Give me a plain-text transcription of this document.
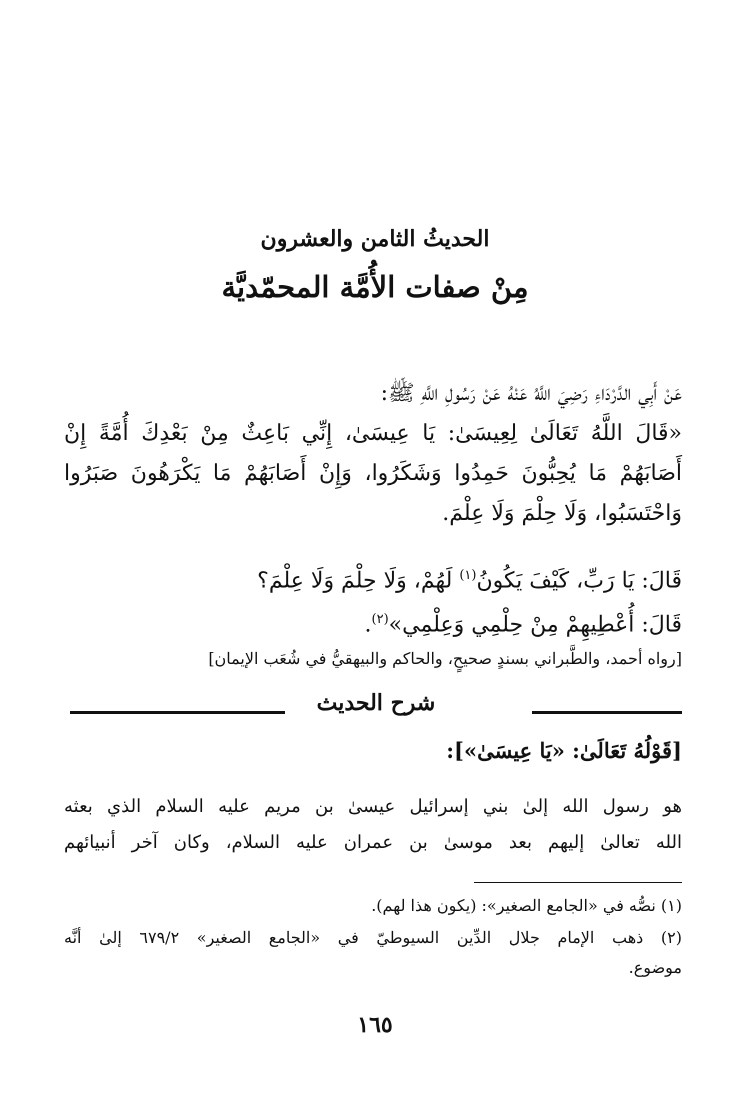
الحديثُ الثامن والعشرون
مِنْ صفات الأُمَّة المحمّديَّة
عَنْ أَبِي الدَّرْدَاءِ رَضِيَ اللَّهُ عَنْهُ عَنْ رَسُولِ اللَّهِ ﷺ:
«قَالَ اللَّهُ تَعَالَىٰ لِعِيسَىٰ: يَا عِيسَىٰ، إِنِّي بَاعِثٌ مِنْ بَعْدِكَ أُمَّةً إِنْ
أَصَابَهُمْ مَا يُحِبُّونَ حَمِدُوا وَشَكَرُوا، وَإِنْ أَصَابَهُمْ مَا يَكْرَهُونَ صَبَرُوا
وَاحْتَسَبُوا، وَلَا حِلْمَ وَلَا عِلْمَ.
قَالَ: يَا رَبِّ، كَيْفَ يَكُونُ$^{(١)}$ لَهُمْ، وَلَا حِلْمَ وَلَا عِلْمَ؟
قَالَ: أُعْطِيهِمْ مِنْ حِلْمِي وَعِلْمِي»$^{(٢)}$.
[رواه أحمد، والطَّبراني بسندٍ صحيحٍ، والحاكم والبيهقيُّ في شُعَب الإيمان]
شرح الحديث
[قَوْلُهُ تَعَالَىٰ: «يَا عِيسَىٰ»]:
هو رسول الله إلىٰ بني إسرائيل عيسىٰ بن مريم عليه السلام الذي بعثه
الله تعالىٰ إليهم بعد موسىٰ بن عمران عليه السلام، وكان آخر أنبيائهم
(١) نصُّه في «الجامع الصغير»: (يكون هذا لهم).
(٢) ذهب الإمام جلال الدِّين السيوطيّ في «الجامع الصغير» ٦٧٩/٢ إلىٰ أنَّه
موضوع.
١٦٥
